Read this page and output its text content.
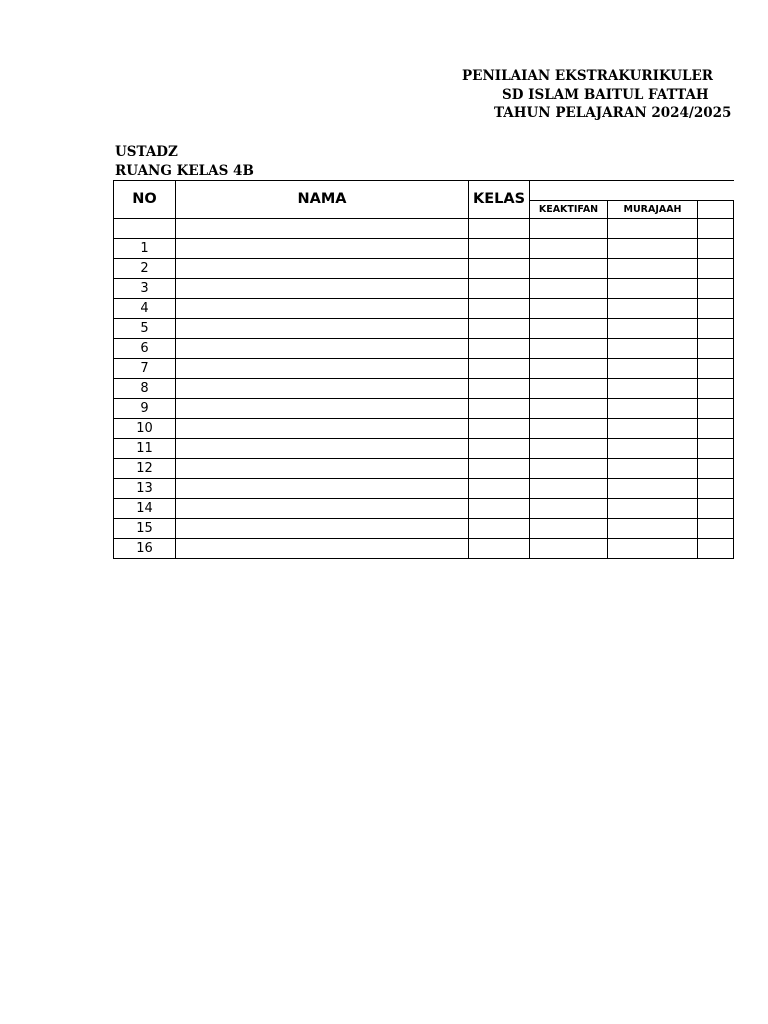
PENILAIAN EKSTRAKURIKULER
SD ISLAM BAITUL FATTAH
TAHUN PELAJARAN 2024/2025
USTADZ
RUANG KELAS 4B
NO	NAMA	KELAS			
			KEAKTIFAN	MURAJAAH	

1					
2					
3					
4					
5					
6					
7					
8					
9					
10					
11					
12					
13					
14					
15					
16					
